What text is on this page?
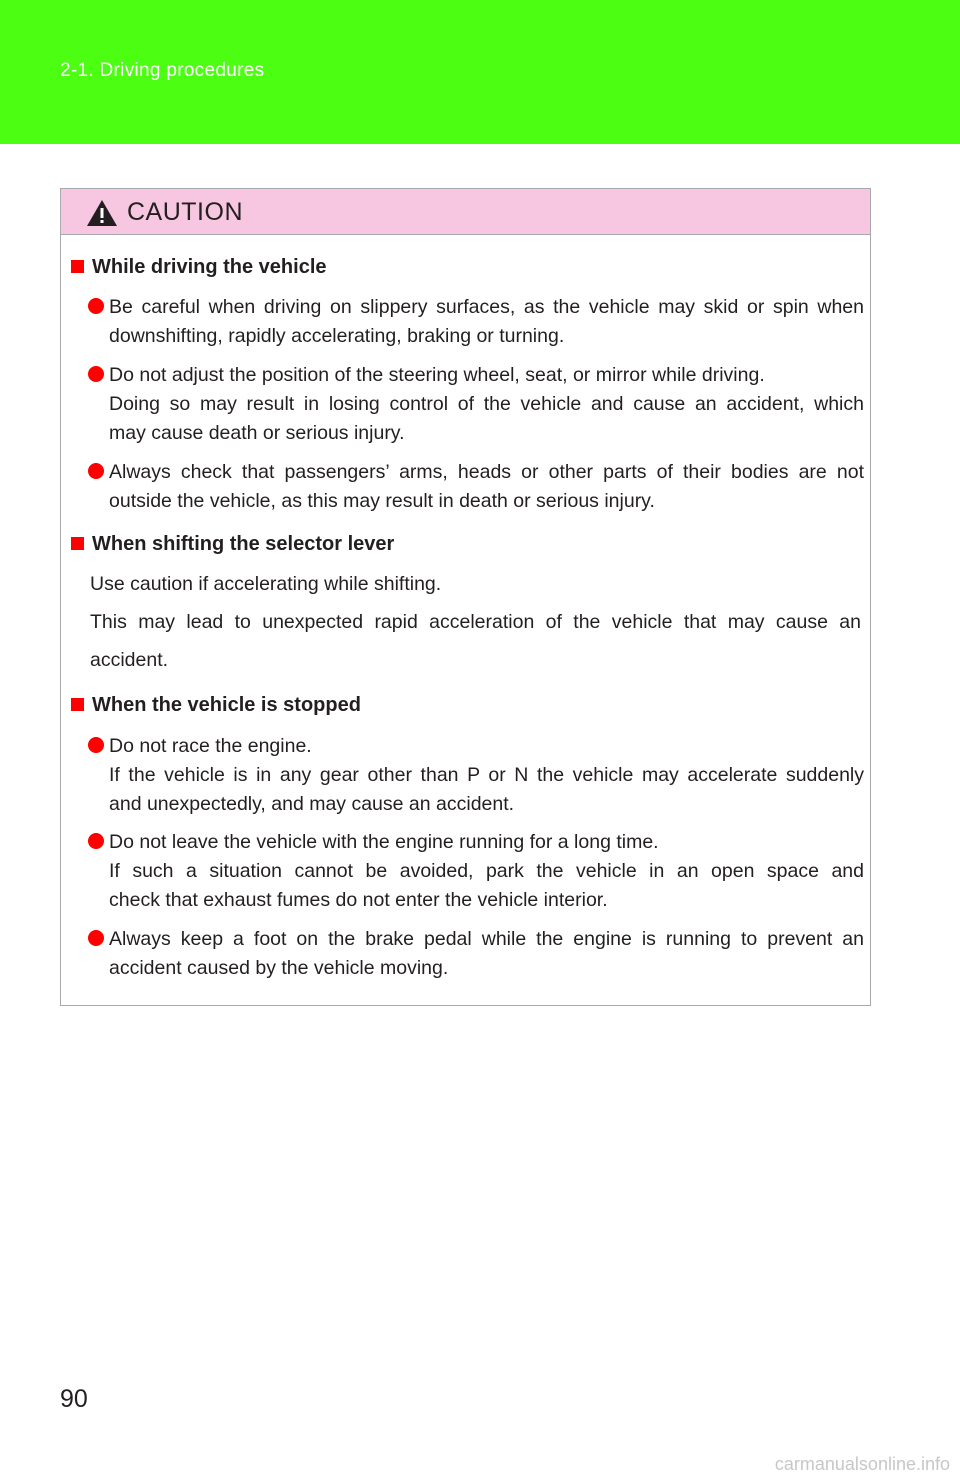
2-1. Driving procedures
CAUTION
While driving the vehicle
Be careful when driving on slippery surfaces, as the vehicle may skid or spin when
downshifting, rapidly accelerating, braking or turning.
Do not adjust the position of the steering wheel, seat, or mirror while driving.
Doing so may result in losing control of the vehicle and cause an accident, which
may cause death or serious injury.
Always check that passengers’ arms, heads or other parts of their bodies are not
outside the vehicle, as this may result in death or serious injury.
When shifting the selector lever
Use caution if accelerating while shifting.
This may lead to unexpected rapid acceleration of the vehicle that may cause an
accident.
When the vehicle is stopped
Do not race the engine.
If the vehicle is in any gear other than P or N the vehicle may accelerate suddenly
and unexpectedly, and may cause an accident.
Do not leave the vehicle with the engine running for a long time.
If such a situation cannot be avoided, park the vehicle in an open space and
check that exhaust fumes do not enter the vehicle interior.
Always keep a foot on the brake pedal while the engine is running to prevent an
accident caused by the vehicle moving.
90
carmanualsonline.info
